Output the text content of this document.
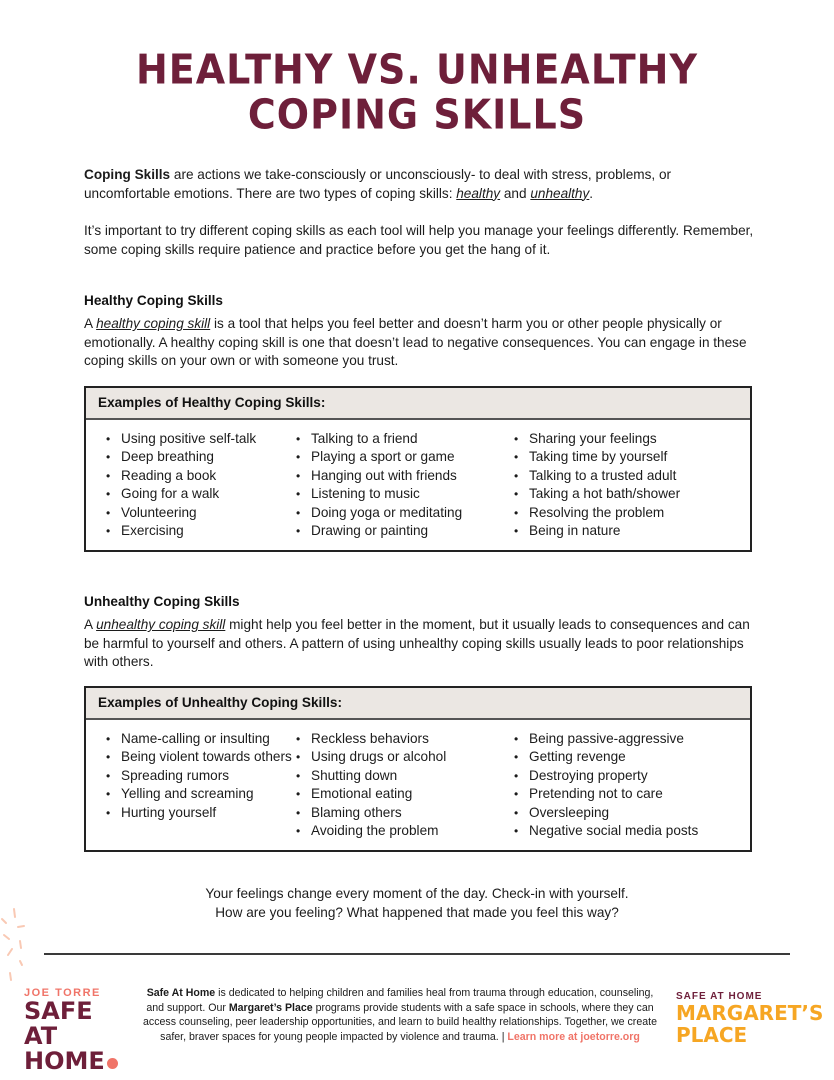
HEALTHY VS. UNHEALTHY
COPING SKILLS
Coping Skills are actions we take-consciously or unconsciously- to deal with stress, problems, or uncomfortable emotions. There are two types of coping skills: healthy and unhealthy.
It’s important to try different coping skills as each tool will help you manage your feelings differently. Remember, some coping skills require patience and practice before you get the hang of it.
Healthy Coping Skills
A healthy coping skill is a tool that helps you feel better and doesn’t harm you or other people physically or emotionally. A healthy coping skill is one that doesn’t lead to negative consequences. You can engage in these coping skills on your own or with someone you trust.
Examples of Healthy Coping Skills:
• Using positive self-talk
• Deep breathing
• Reading a book
• Going for a walk
• Volunteering
• Exercising
• Talking to a friend
• Playing a sport or game
• Hanging out with friends
• Listening to music
• Doing yoga or meditating
• Drawing or painting
• Sharing your feelings
• Taking time by yourself
• Talking to a trusted adult
• Taking a hot bath/shower
• Resolving the problem
• Being in nature
Unhealthy Coping Skills
A unhealthy coping skill might help you feel better in the moment, but it usually leads to consequences and can be harmful to yourself and others. A pattern of using unhealthy coping skills usually leads to poor relationships with others.
Examples of Unhealthy Coping Skills:
• Name-calling or insulting
• Being violent towards others
• Spreading rumors
• Yelling and screaming
• Hurting yourself
• Reckless behaviors
• Using drugs or alcohol
• Shutting down
• Emotional eating
• Blaming others
• Avoiding the problem
• Being passive-aggressive
• Getting revenge
• Destroying property
• Pretending not to care
• Oversleeping
• Negative social media posts
Your feelings change every moment of the day. Check-in with yourself.
How are you feeling? What happened that made you feel this way?
JOE TORRE
SAFE AT
HOME
Safe At Home is dedicated to helping children and families heal from trauma through education, counseling, and support. Our Margaret’s Place programs provide students with a safe space in schools, where they can access counseling, peer leadership opportunities, and learn to build healthy relationships. Together, we create safer, braver spaces for young people impacted by violence and trauma. | Learn more at joetorre.org
SAFE AT HOME
MARGARET’S
PLACE
